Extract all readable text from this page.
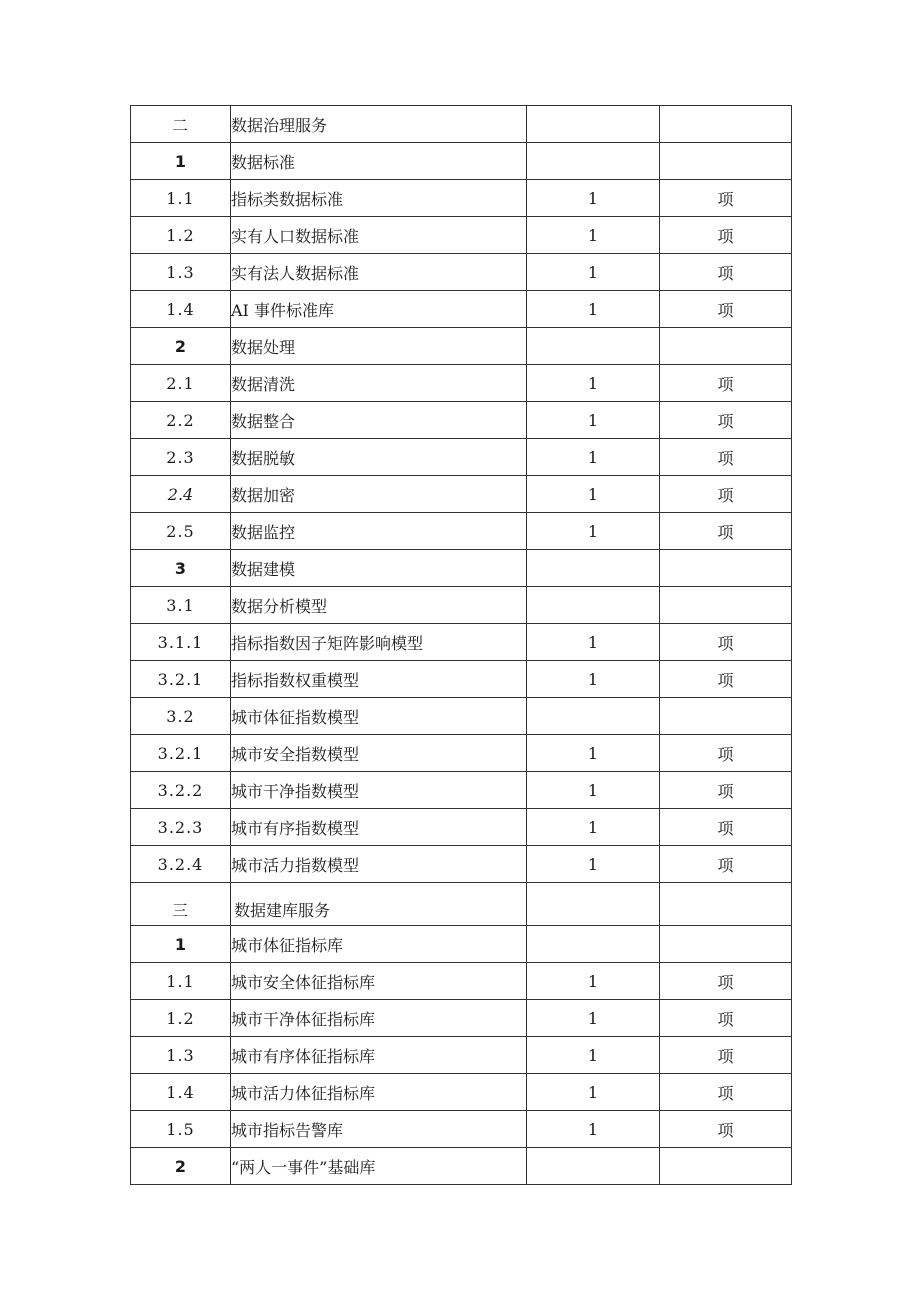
二	数据治理服务		
1	数据标准		
1.1	指标类数据标准	1	项
1.2	实有人口数据标准	1	项
1.3	实有法人数据标准	1	项
1.4	AI 事件标准库	1	项
2	数据处理		
2.1	数据清洗	1	项
2.2	数据整合	1	项
2.3	数据脱敏	1	项
2.4	数据加密	1	项
2.5	数据监控	1	项
3	数据建模		
3.1	数据分析模型		
3.1.1	指标指数因子矩阵影响模型	1	项
3.2.1	指标指数权重模型	1	项
3.2	城市体征指数模型		
3.2.1	城市安全指数模型	1	项
3.2.2	城市干净指数模型	1	项
3.2.3	城市有序指数模型	1	项
3.2.4	城市活力指数模型	1	项
三	数据建库服务		
1	城市体征指标库		
1.1	城市安全体征指标库	1	项
1.2	城市干净体征指标库	1	项
1.3	城市有序体征指标库	1	项
1.4	城市活力体征指标库	1	项
1.5	城市指标告警库	1	项
2	“两人一事件”基础库		
